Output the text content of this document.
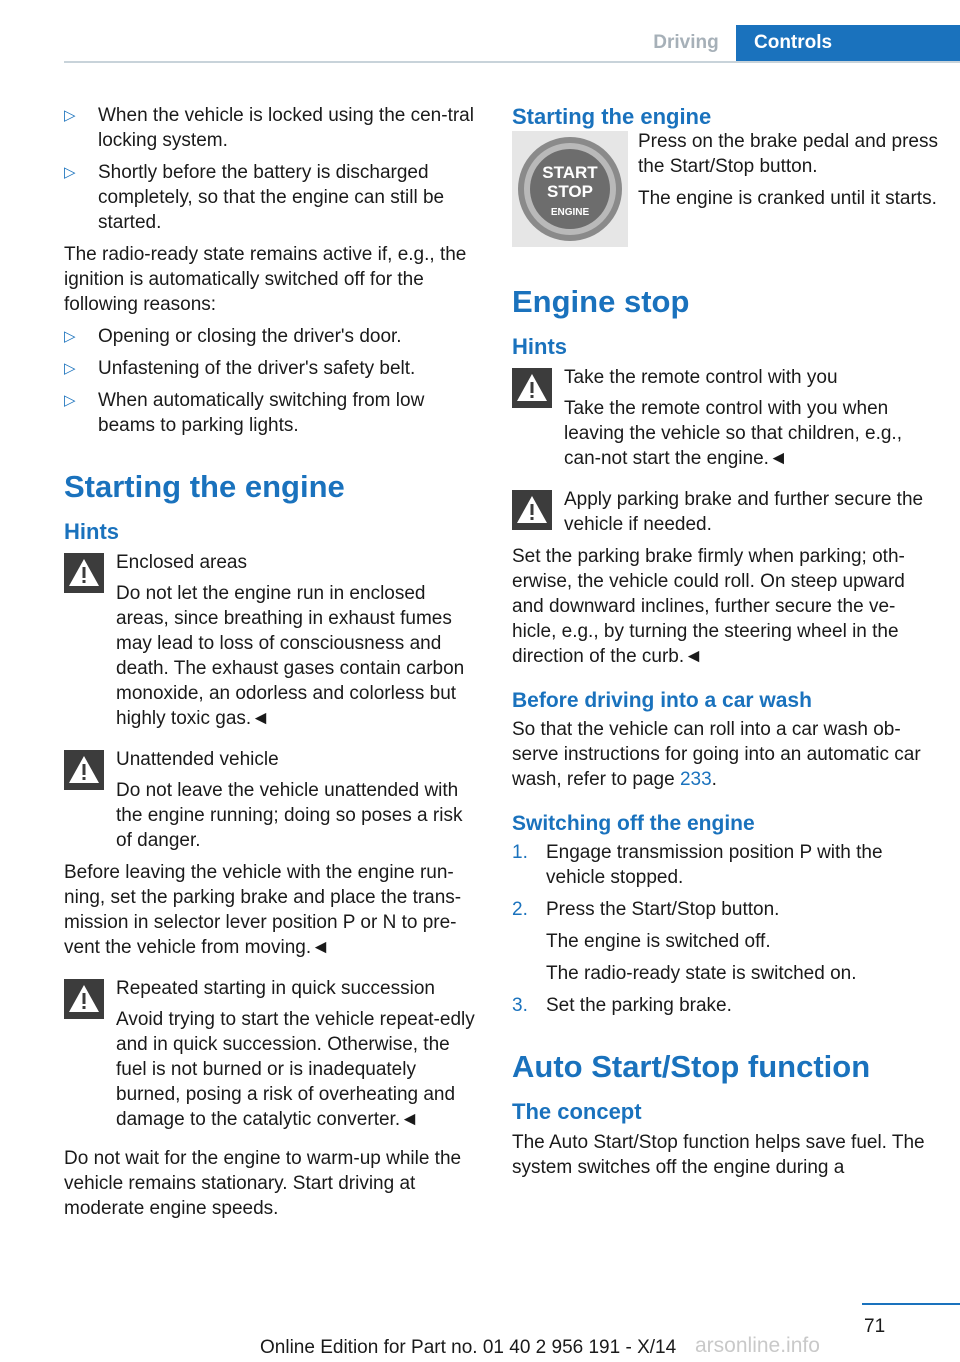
Driving	Controls
▷ When the vehicle is locked using the cen-tral locking system.
▷ Shortly before the battery is discharged completely, so that the engine can still be started.

The radio-ready state remains active if, e.g., the ignition is automatically switched off for the following reasons:

▷ Opening or closing the driver's door.
▷ Unfastening of the driver's safety belt.
▷ When automatically switching from low beams to parking lights.
Starting the engine
Hints
Enclosed areas
Do not let the engine run in enclosed areas, since breathing in exhaust fumes may lead to loss of consciousness and death. The exhaust gases contain carbon monoxide, an odorless and colorless but highly toxic gas.◄
Unattended vehicle
Do not leave the vehicle unattended with the engine running; doing so poses a risk of danger.

Before leaving the vehicle with the engine run-ning, set the parking brake and place the trans-mission in selector lever position P or N to pre-vent the vehicle from moving.◄

Repeated starting in quick succession
Avoid trying to start the vehicle repeat-edly and in quick succession. Otherwise, the fuel is not burned or is inadequately burned, posing a risk of overheating and damage to the catalytic converter.◄

Do not wait for the engine to warm-up while the vehicle remains stationary. Start driving at moderate engine speeds.

Starting the engine
START
STOP
ENGINE

Press on the brake pedal and press the Start/Stop button.

The engine is cranked until it starts.

Engine stop
Hints
Take the remote control with you
Take the remote control with you when leaving the vehicle so that children, e.g., can-not start the engine.◄
Apply parking brake and further secure the vehicle if needed.

Set the parking brake firmly when parking; oth-erwise, the vehicle could roll. On steep upward and downward inclines, further secure the ve-hicle, e.g., by turning the steering wheel in the direction of the curb.◄

Before driving into a car wash

So that the vehicle can roll into a car wash ob-serve instructions for going into an automatic car wash, refer to page 233.

Switching off the engine
1. Engage transmission position P with the vehicle stopped.
2. Press the Start/Stop button.
The engine is switched off.
The radio-ready state is switched on.
3. Set the parking brake.
Auto Start/Stop function
The concept

The Auto Start/Stop function helps save fuel. The system switches off the engine during a

71
Online Edition for Part no. 01 40 2 956 191 - X/14 arsonline.info
